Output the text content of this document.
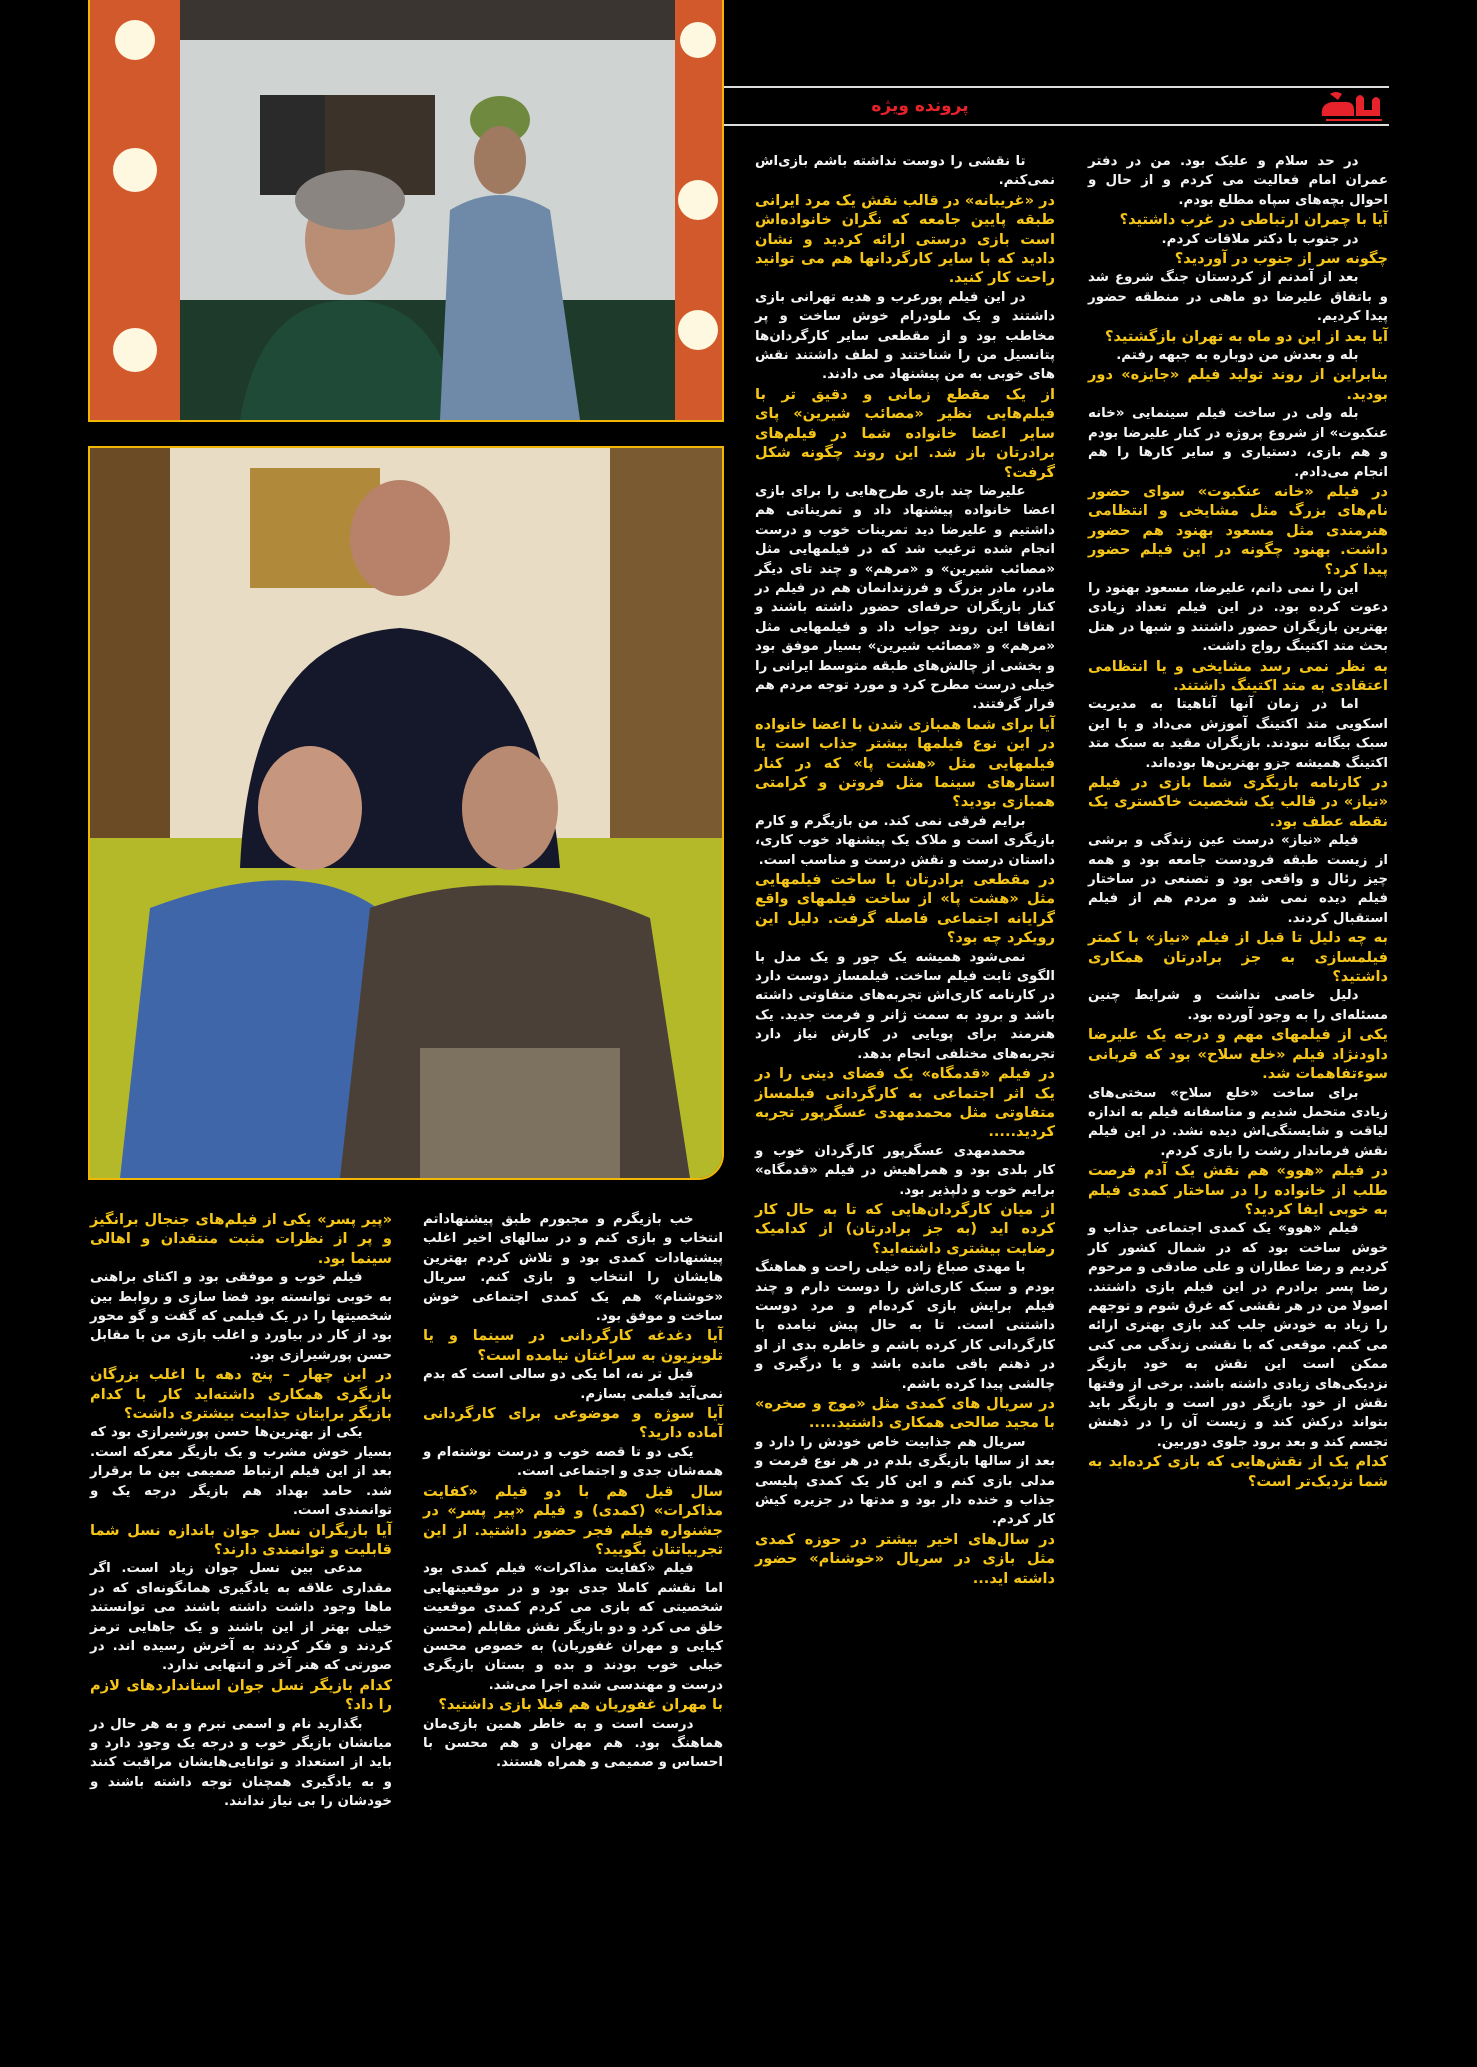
پرونده ویژه

در حد سلام و علیک بود. من در دفتر عمران امام فعالیت می کردم و از حال و احوال بچه‌های سپاه مطلع بودم.

آیا با چمران ارتباطی در غرب داشتید؟

در جنوب با دکتر ملاقات کردم.

چگونه سر از جنوب در آوردید؟

بعد از آمدنم از کردستان جنگ شروع شد و باتفاق علیرضا دو ماهی در منطقه حضور پیدا کردیم.

آیا بعد از این دو ماه به تهران بازگشتید؟

بله و بعدش من دوباره به جبهه رفتم.

بنابراین از روند تولید فیلم «جایزه» دور بودید.

بله ولی در ساخت فیلم سینمایی «خانه عنکبوت» از شروع پروژه در کنار علیرضا بودم و هم بازی، دستیاری و سایر کارها را هم انجام می‌دادم.

در فیلم «خانه عنکبوت» سوای حضور نام‌های بزرگ مثل مشایخی و انتظامی هنرمندی مثل مسعود بهنود هم حضور داشت. بهنود چگونه در این فیلم حضور پیدا کرد؟

این را نمی دانم، علیرضا، مسعود بهنود را دعوت کرده بود. در این فیلم تعداد زیادی بهترین بازیگران حضور داشتند و شبها در هتل بحث متد اکتینگ رواج داشت.

به نظر نمی رسد مشایخی و یا انتظامی اعتقادی به متد اکتینگ داشتند.

اما در زمان آنها آناهیتا به مدیریت اسکویی متد اکتینگ آموزش می‌داد و با این سبک بیگانه نبودند. بازیگران مقید به سبک متد اکتینگ همیشه جزو بهترین‌ها بوده‌اند.

در کارنامه بازیگری شما بازی در فیلم «نیاز» در قالب یک شخصیت خاکستری یک نقطه عطف بود.

فیلم «نیاز» درست عین زندگی و برشی از زیست طبقه فرودست جامعه بود و همه چیز رئال و واقعی بود و تصنعی در ساختار فیلم دیده نمی شد و مردم هم از فیلم استقبال کردند.

به چه دلیل تا قبل از فیلم «نیاز» با کمتر فیلمسازی به جز برادرتان همکاری داشتید؟

دلیل خاصی نداشت و شرایط چنین مسئله‌ای را به وجود آورده بود.

یکی از فیلمهای مهم و درجه یک علیرضا داودنژاد فیلم «خلع سلاح» بود که قربانی سوءتفاهمات شد.

برای ساخت «خلع سلاح» سختی‌های زیادی متحمل شدیم و متاسفانه فیلم به اندازه لیاقت و شایستگی‌اش دیده نشد. در این فیلم نقش فرماندار رشت را بازی کردم.

در فیلم «هوو» هم نقش یک آدم فرصت طلب از خانواده را در ساختار کمدی فیلم به خوبی ایفا کردید؟

فیلم «هوو» یک کمدی اجتماعی جذاب و خوش ساخت بود که در شمال کشور کار کردیم و رضا عطاران و علی صادقی و مرحوم رضا پسر برادرم در این فیلم بازی داشتند. اصولا من در هر نقشی که غرق شوم و توجهم را زیاد به خودش جلب کند بازی بهتری ارائه می کنم. موقعی که با نقشی زندگی می کنی ممکن است این نقش به خود بازیگر نزدیکی‌های زیادی داشته باشد. برخی از وقتها نقش از خود بازیگر دور است و بازیگر باید بتواند درکش کند و زیست آن را در ذهنش تجسم کند و بعد برود جلوی دوربین.

کدام یک از نقش‌هایی که بازی کرده‌اید به شما نزدیک‌تر است؟

تا نقشی را دوست نداشته باشم بازی‌اش نمی‌کنم.

در «غریبانه» در قالب نقش یک مرد ایرانی طبقه پایین جامعه که نگران خانواده‌اش است بازی درستی ارائه کردید و نشان دادید که با سایر کارگردانها هم می توانید راحت کار کنید.

در این فیلم پورعرب و هدیه تهرانی بازی داشتند و یک ملودرام خوش ساخت و پر مخاطب بود و از مقطعی سایر کارگردان‌ها پتانسیل من را شناختند و لطف داشتند نقش های خوبی به من پیشنهاد می دادند.

از یک مقطع زمانی و دقیق تر با فیلم‌هایی نظیر «مصائب شیرین» پای سایر اعضا خانواده شما در فیلم‌های برادرتان باز شد. این روند چگونه شکل گرفت؟

علیرضا چند باری طرح‌هایی را برای بازی اعضا خانواده پیشنهاد داد و تمریناتی هم داشتیم و علیرضا دید تمرینات خوب و درست انجام شده ترغیب شد که در فیلمهایی مثل «مصائب شیرین» و «مرهم» و چند تای دیگر مادر، مادر بزرگ و فرزندانمان هم در فیلم در کنار بازیگران حرفه‌ای حضور داشته باشند و اتفاقا این روند جواب داد و فیلمهایی مثل «مرهم» و «مصائب شیرین» بسیار موفق بود و بخشی از چالش‌های طبقه متوسط ایرانی را خیلی درست مطرح کرد و مورد توجه مردم هم قرار گرفتند.

آیا برای شما همبازی شدن با اعضا خانواده در این نوع فیلمها بیشتر جذاب است یا فیلمهایی مثل «هشت پا» که در کنار استارهای سینما مثل فروتن و کرامتی همبازی بودید؟

برایم فرقی نمی کند. من بازیگرم و کارم بازیگری است و ملاک یک پیشنهاد خوب کاری، داستان درست و نقش درست و مناسب است.

در مقطعی برادرتان با ساخت فیلمهایی مثل «هشت پا» از ساخت فیلمهای واقع گرایانه اجتماعی فاصله گرفت. دلیل این رویکرد چه بود؟

نمی‌شود همیشه یک جور و یک مدل با الگوی ثابت فیلم ساخت. فیلمساز دوست دارد در کارنامه کاری‌اش تجربه‌های متفاوتی داشته باشد و برود به سمت ژانر و فرمت جدید. یک هنرمند برای پویایی در کارش نیاز دارد تجربه‌های مختلفی انجام بدهد.

در فیلم «قدمگاه» یک فضای دینی را در یک اثر اجتماعی به کارگردانی فیلمساز متفاوتی مثل محمدمهدی عسگرپور تجربه کردید.....

محمدمهدی عسگرپور کارگردان خوب و کار بلدی بود و همراهیش در فیلم «قدمگاه» برایم خوب و دلپذیر بود.

از میان کارگردان‌هایی که تا به حال کار کرده اید (به جز برادرتان) از کدامیک رضایت بیشتری داشته‌اید؟

با مهدی صباغ زاده خیلی راحت و هماهنگ بودم و سبک کاری‌اش را دوست دارم و چند فیلم برایش بازی کرده‌ام و مرد دوست داشتنی است. تا به حال پیش نیامده با کارگردانی کار کرده باشم و خاطره بدی از او در ذهنم باقی مانده باشد و یا درگیری و چالشی پیدا کرده باشم.

در سریال های کمدی مثل «موج و صخره» با مجید صالحی همکاری داشتید.....

سریال هم جذابیت خاص خودش را دارد و بعد از سالها بازیگری بلدم در هر نوع فرمت و مدلی بازی کنم و این کار یک کمدی پلیسی جذاب و خنده دار بود و مدتها در جزیره کیش کار کردم.

در سال‌های اخیر بیشتر در حوزه کمدی مثل بازی در سریال «خوشنام» حضور داشته اید...

خب بازیگرم و مجبورم طبق پیشنهاداتم انتخاب و بازی کنم و در سالهای اخیر اغلب پیشنهادات کمدی بود و تلاش کردم بهترین هایشان را انتخاب و بازی کنم. سریال «خوشنام» هم یک کمدی اجتماعی خوش ساخت و موفق بود.

آیا دغدغه کارگردانی در سینما و یا تلویزیون به سراغتان نیامده است؟

قبل تر نه، اما یکی دو سالی است که بدم نمی‌آید فیلمی بسازم.

آیا سوژه و موضوعی برای کارگردانی آماده دارید؟

یکی دو تا قصه خوب و درست نوشته‌ام و همه‌شان جدی و اجتماعی است.

سال قبل هم با دو فیلم «کفایت مذاکرات» (کمدی) و فیلم «پیر پسر» در جشنواره فیلم فجر حضور داشتید. از این تجربیاتتان بگویید؟

فیلم «کفایت مذاکرات» فیلم کمدی بود اما نقشم کاملا جدی بود و در موقعیتهایی شخصیتی که بازی می کردم کمدی موقعیت خلق می کرد و دو بازیگر نقش مقابلم (محسن کیایی و مهران غفوریان) به خصوص محسن خیلی خوب بودند و بده و بستان بازیگری درست و مهندسی شده اجرا می‌شد.

با مهران غفوریان هم قبلا بازی داشتید؟

درست است و به خاطر همین بازی‌مان هماهنگ بود. هم مهران و هم محسن با احساس و صمیمی و همراه هستند.

«پیر پسر» یکی از فیلم‌های جنجال برانگیز و پر از نظرات مثبت منتقدان و اهالی سینما بود.

فیلم خوب و موفقی بود و اکتای براهنی به خوبی توانسته بود فضا سازی و روابط بین شخصیتها را در یک فیلمی که گفت و گو محور بود از کار در بیاورد و اغلب بازی من با مقابل حسن پورشیرازی بود.

در این چهار – پنج دهه با اغلب بزرگان بازیگری همکاری داشته‌اید کار با کدام بازیگر برایتان جذابیت بیشتری داشت؟

یکی از بهترین‌ها حسن پورشیرازی بود که بسیار خوش مشرب و یک بازیگر معرکه است. بعد از این فیلم ارتباط صمیمی بین ما برقرار شد. حامد بهداد هم بازیگر درجه یک و توانمندی است.

آیا بازیگران نسل جوان باندازه نسل شما قابلیت و توانمندی دارند؟

مدعی بین نسل جوان زیاد است. اگر مقداری علاقه به یادگیری همانگونه‌ای که در ماها وجود داشت داشته باشند می توانستند خیلی بهتر از این باشند و یک جاهایی ترمز کردند و فکر کردند به آخرش رسیده اند. در صورتی که هنر آخر و انتهایی ندارد.

کدام بازیگر نسل جوان استانداردهای لازم را داد؟

بگذارید نام و اسمی نبرم و به هر حال در میانشان بازیگر خوب و درجه یک وجود دارد و باید از استعداد و توانایی‌هایشان مراقبت کنند و به یادگیری همچنان توجه داشته باشند و خودشان را بی نیاز ندانند.
